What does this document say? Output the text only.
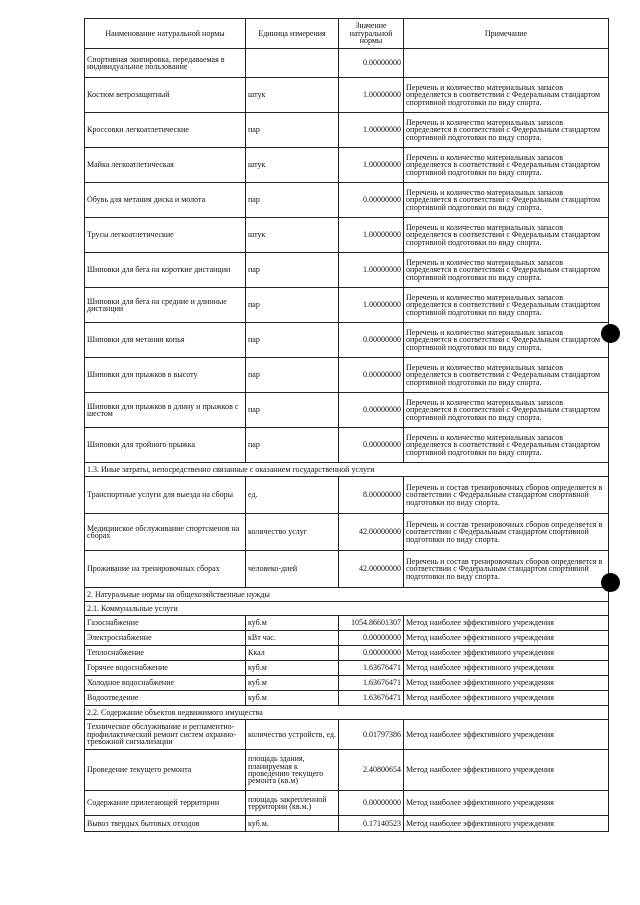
Наименование натуральной нормы	Единица измерения	Значение натуральной нормы	Примечание
Спортивная экипировка, передаваемая в индивидуальное пользование		0.00000000	
Костюм ветрозащитный	штук	1.00000000	Перечень и количество материальных запасов определяется в соответствии с Федеральным стандартом спортивной подготовки по виду спорта.
Кроссовки легкоатлетические	пар	1.00000000	Перечень и количество материальных запасов определяется в соответствии с Федеральным стандартом спортивной подготовки по виду спорта.
Майка легкоатлетическая	штук	1.00000000	Перечень и количество материальных запасов определяется в соответствии с Федеральным стандартом спортивной подготовки по виду спорта.
Обувь для метания диска и молота	пар	0.00000000	Перечень и количество материальных запасов определяется в соответствии с Федеральным стандартом спортивной подготовки по виду спорта.
Трусы легкоатлетические	штук	1.00000000	Перечень и количество материальных запасов определяется в соответствии с Федеральным стандартом спортивной подготовки по виду спорта.
Шиповки для бега на короткие дистанции	пар	1.00000000	Перечень и количество материальных запасов определяется в соответствии с Федеральным стандартом спортивной подготовки по виду спорта.
Шиповки для бега на средние и длинные дистанции	пар	1.00000000	Перечень и количество материальных запасов определяется в соответствии с Федеральным стандартом спортивной подготовки по виду спорта.
Шиповки для метания копья	пар	0.00000000	Перечень и количество материальных запасов определяется в соответствии с Федеральным стандартом спортивной подготовки по виду спорта.
Шиповки для прыжков в высоту	пар	0.00000000	Перечень и количество материальных запасов определяется в соответствии с Федеральным стандартом спортивной подготовки по виду спорта.
Шиповки для прыжков в длину и прыжков с шестом	пар	0.00000000	Перечень и количество материальных запасов определяется в соответствии с Федеральным стандартом спортивной подготовки по виду спорта.
Шиповки для тройного прыжка	пар	0.00000000	Перечень и количество материальных запасов определяется в соответствии с Федеральным стандартом спортивной подготовки по виду спорта.
1.3. Иные затраты, непосредственно связанные с оказанием государственной услуги			
Транспортные услуги для выезда на сборы	ед.	8.00000000	Перечень и состав тренировочных сборов определяется в соответствии с Федеральным стандартом спортивной подготовки по виду спорта.
Медицинское обслуживание спортсменов на сборах	количество услуг	42.00000000	Перечень и состав тренировочных сборов определяется в соответствии с Федеральным стандартом спортивной подготовки по виду спорта.
Проживание на тренировочных сборах	человеко-дней	42.00000000	Перечень и состав тренировочных сборов определяется в соответствии с Федеральным стандартом спортивной подготовки по виду спорта.
2. Натуральные нормы на общехозяйственные нужды			
2.1. Коммунальные услуги			
Газоснабжение	куб.м	1054.86601307	Метод наиболее эффективного учреждения
Электроснабжение	кВт час.	0.00000000	Метод наиболее эффективного учреждения
Теплоснабжение	Ккал	0.00000000	Метод наиболее эффективного учреждения
Горячее водоснабжение	куб.м	1.63676471	Метод наиболее эффективного учреждения
Холодное водоснабжение	куб.м	1.63676471	Метод наиболее эффективного учреждения
Водоотведение	куб.м	1.63676471	Метод наиболее эффективного учреждения
2.2. Содержание объектов недвижимого имущества			
Техническое обслуживание и регламентно-профилактический ремонт систем охранно-тревожной сигнализации	количество устройств, ед.	0.01797386	Метод наиболее эффективного учреждения
Проведение текущего ремонта	площадь здания, планируемая к проведению текущего ремонта (кв.м)	2.40800654	Метод наиболее эффективного учреждения
Содержание прилегающей территории	площадь закрепленной территории (кв.м.)	0.00000000	Метод наиболее эффективного учреждения
Вывоз твердых бытовых отходов	куб.м.	0.17140523	Метод наиболее эффективного учреждения
